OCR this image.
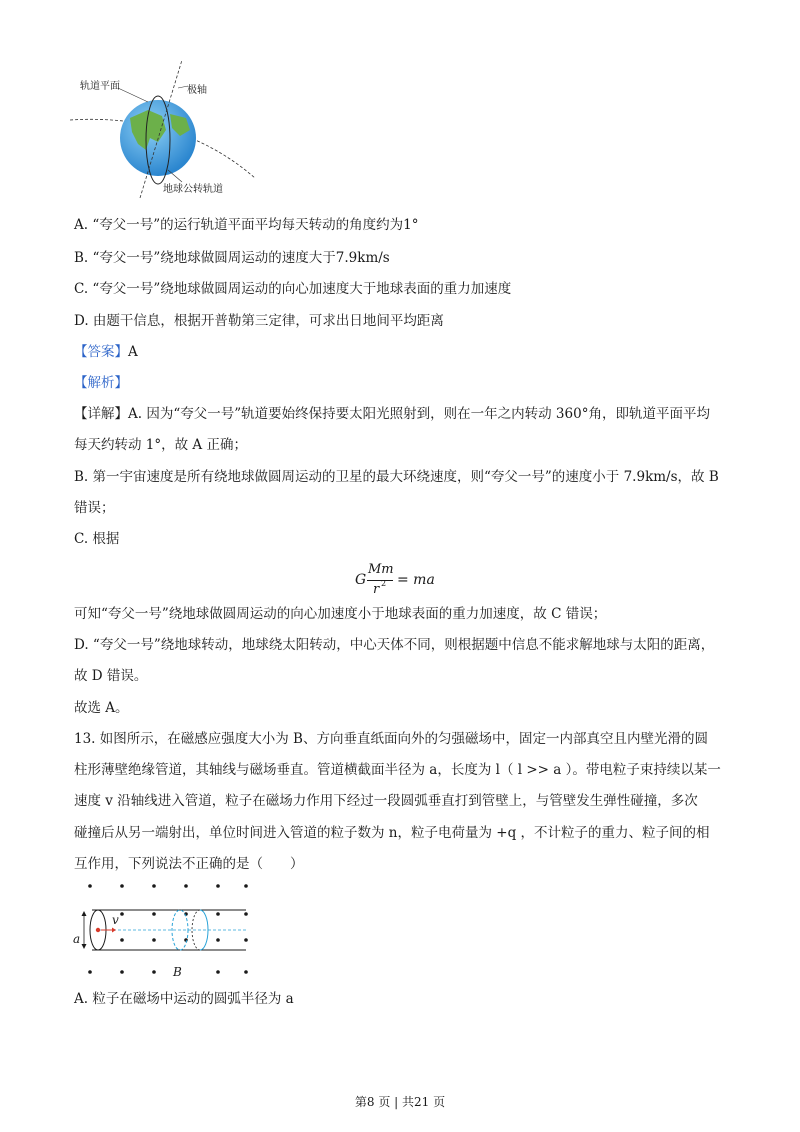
轨道平面	极轴
地球公转轨道
A. “夸父一号”的运行轨道平面平均每天转动的角度约为1°
B. “夸父一号”绕地球做圆周运动的速度大于7.9km/s
C. “夸父一号”绕地球做圆周运动的向心加速度大于地球表面的重力加速度
D. 由题干信息，根据开普勒第三定律，可求出日地间平均距离
【答案】A
【解析】
【详解】A. 因为“夸父一号”轨道要始终保持要太阳光照射到，则在一年之内转动 360°角，即轨道平面平均
每天约转动 1°，故 A 正确；
B. 第一宇宙速度是所有绕地球做圆周运动的卫星的最大环绕速度，则“夸父一号”的速度小于 7.9km/s，故 B
错误；
C. 根据
G
Mm
r 2 = ma
可知“夸父一号”绕地球做圆周运动的向心加速度小于地球表面的重力加速度，故 C 错误；
D. “夸父一号”绕地球转动，地球绕太阳转动，中心天体不同，则根据题中信息不能求解地球与太阳的距离，
故 D 错误。
故选 A。
13. 如图所示，在磁感应强度大小为 B、方向垂直纸面向外的匀强磁场中，固定一内部真空且内壁光滑的圆
柱形薄壁绝缘管道，其轴线与磁场垂直。管道横截面半径为 a，长度为 l（ l >> a ）。带电粒子束持续以某一
速度 v 沿轴线进入管道，粒子在磁场力作用下经过一段圆弧垂直打到管壁上，与管壁发生弹性碰撞，多次
碰撞后从另一端射出，单位时间进入管道的粒子数为 n，粒子电荷量为 +q ，不计粒子的重力、粒子间的相
互作用，下列说法不正确的是（　　）
v
a
B
A. 粒子在磁场中运动的圆弧半径为 a
第8 页 | 共21 页
